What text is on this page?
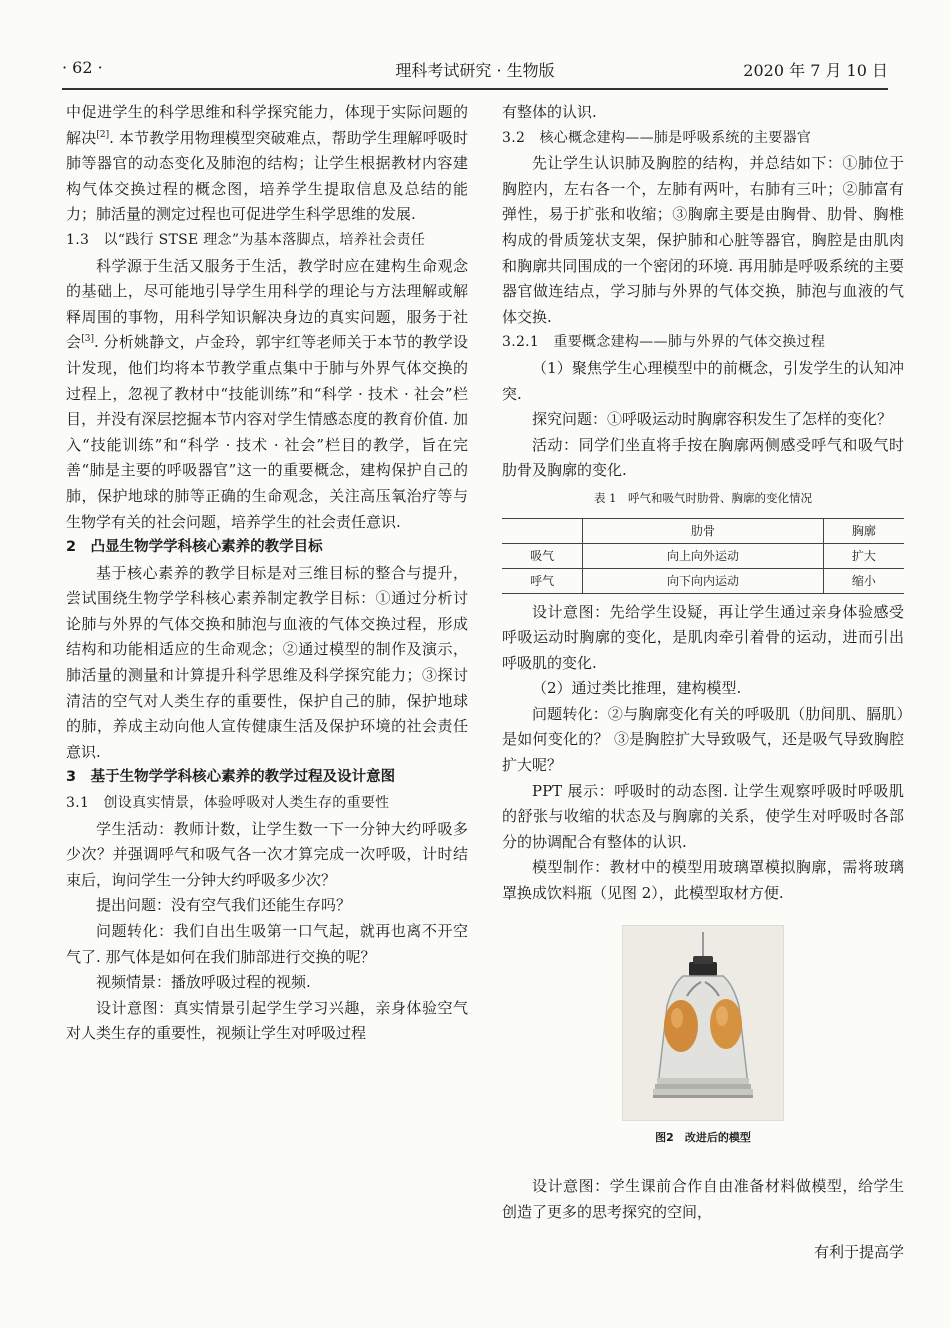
· 62 ·	理科考试研究 · 生物版	2020 年 7 月 10 日

中促进学生的科学思维和科学探究能力，体现于实际问题的解决[2]. 本节教学用物理模型突破难点，帮助学生理解呼吸时肺等器官的动态变化及肺泡的结构；让学生根据教材内容建构气体交换过程的概念图，培养学生提取信息及总结的能力；肺活量的测定过程也可促进学生科学思维的发展.

1.3　以“践行 STSE 理念”为基本落脚点，培养社会责任

科学源于生活又服务于生活，教学时应在建构生命观念的基础上，尽可能地引导学生用科学的理论与方法理解或解释周围的事物，用科学知识解决身边的真实问题，服务于社会[3]. 分析姚静文，卢金玲，郭宇红等老师关于本节的教学设计发现，他们均将本节教学重点集中于肺与外界气体交换的过程上，忽视了教材中“技能训练”和“科学 · 技术 · 社会”栏目，并没有深层挖掘本节内容对学生情感态度的教育价值. 加入“技能训练”和“科学 · 技术 · 社会”栏目的教学，旨在完善“肺是主要的呼吸器官”这一的重要概念，建构保护自己的肺，保护地球的肺等正确的生命观念，关注高压氧治疗等与生物学有关的社会问题，培养学生的社会责任意识.

2　凸显生物学学科核心素养的教学目标

基于核心素养的教学目标是对三维目标的整合与提升，尝试围绕生物学学科核心素养制定教学目标：①通过分析讨论肺与外界的气体交换和肺泡与血液的气体交换过程，形成结构和功能相适应的生命观念；②通过模型的制作及演示，肺活量的测量和计算提升科学思维及科学探究能力；③探讨清洁的空气对人类生存的重要性，保护自己的肺，保护地球的肺，养成主动向他人宣传健康生活及保护环境的社会责任意识.

3　基于生物学学科核心素养的教学过程及设计意图

3.1　创设真实情景，体验呼吸对人类生存的重要性

学生活动：教师计数，让学生数一下一分钟大约呼吸多少次？并强调呼气和吸气各一次才算完成一次呼吸，计时结束后，询问学生一分钟大约呼吸多少次？

提出问题：没有空气我们还能生存吗？

问题转化：我们自出生吸第一口气起，就再也离不开空气了. 那气体是如何在我们肺部进行交换的呢？

视频情景：播放呼吸过程的视频.

设计意图：真实情景引起学生学习兴趣，亲身体验空气对人类生存的重要性，视频让学生对呼吸过程

有整体的认识.

3.2　核心概念建构——肺是呼吸系统的主要器官

先让学生认识肺及胸腔的结构，并总结如下：①肺位于胸腔内，左右各一个，左肺有两叶，右肺有三叶；②肺富有弹性，易于扩张和收缩；③胸廓主要是由胸骨、肋骨、胸椎构成的骨质笼状支架，保护肺和心脏等器官，胸腔是由肌肉和胸廓共同围成的一个密闭的环境. 再用肺是呼吸系统的主要器官做连结点，学习肺与外界的气体交换，肺泡与血液的气体交换.

3.2.1　重要概念建构——肺与外界的气体交换过程

（1）聚焦学生心理模型中的前概念，引发学生的认知冲突.

探究问题：①呼吸运动时胸廓容积发生了怎样的变化？

活动：同学们坐直将手按在胸廓两侧感受呼气和吸气时肋骨及胸廓的变化.

表 1　呼气和吸气时肋骨、胸廓的变化情况
	肋骨	胸廓
吸气	向上向外运动	扩大
呼气	向下向内运动	缩小

设计意图：先给学生设疑，再让学生通过亲身体验感受呼吸运动时胸廓的变化，是肌肉牵引着骨的运动，进而引出呼吸肌的变化.

（2）通过类比推理，建构模型.

问题转化：②与胸廓变化有关的呼吸肌（肋间肌、膈肌）是如何变化的？ ③是胸腔扩大导致吸气，还是吸气导致胸腔扩大呢？

PPT 展示：呼吸时的动态图. 让学生观察呼吸时呼吸肌的舒张与收缩的状态及与胸廓的关系，使学生对呼吸时各部分的协调配合有整体的认识.

模型制作：教材中的模型用玻璃罩模拟胸廓，需将玻璃罩换成饮料瓶（见图 2），此模型取材方便.

图2　改进后的模型

设计意图：学生课前合作自由准备材料做模型，给学生创造了更多的思考探究的空间，

有利于提高学
